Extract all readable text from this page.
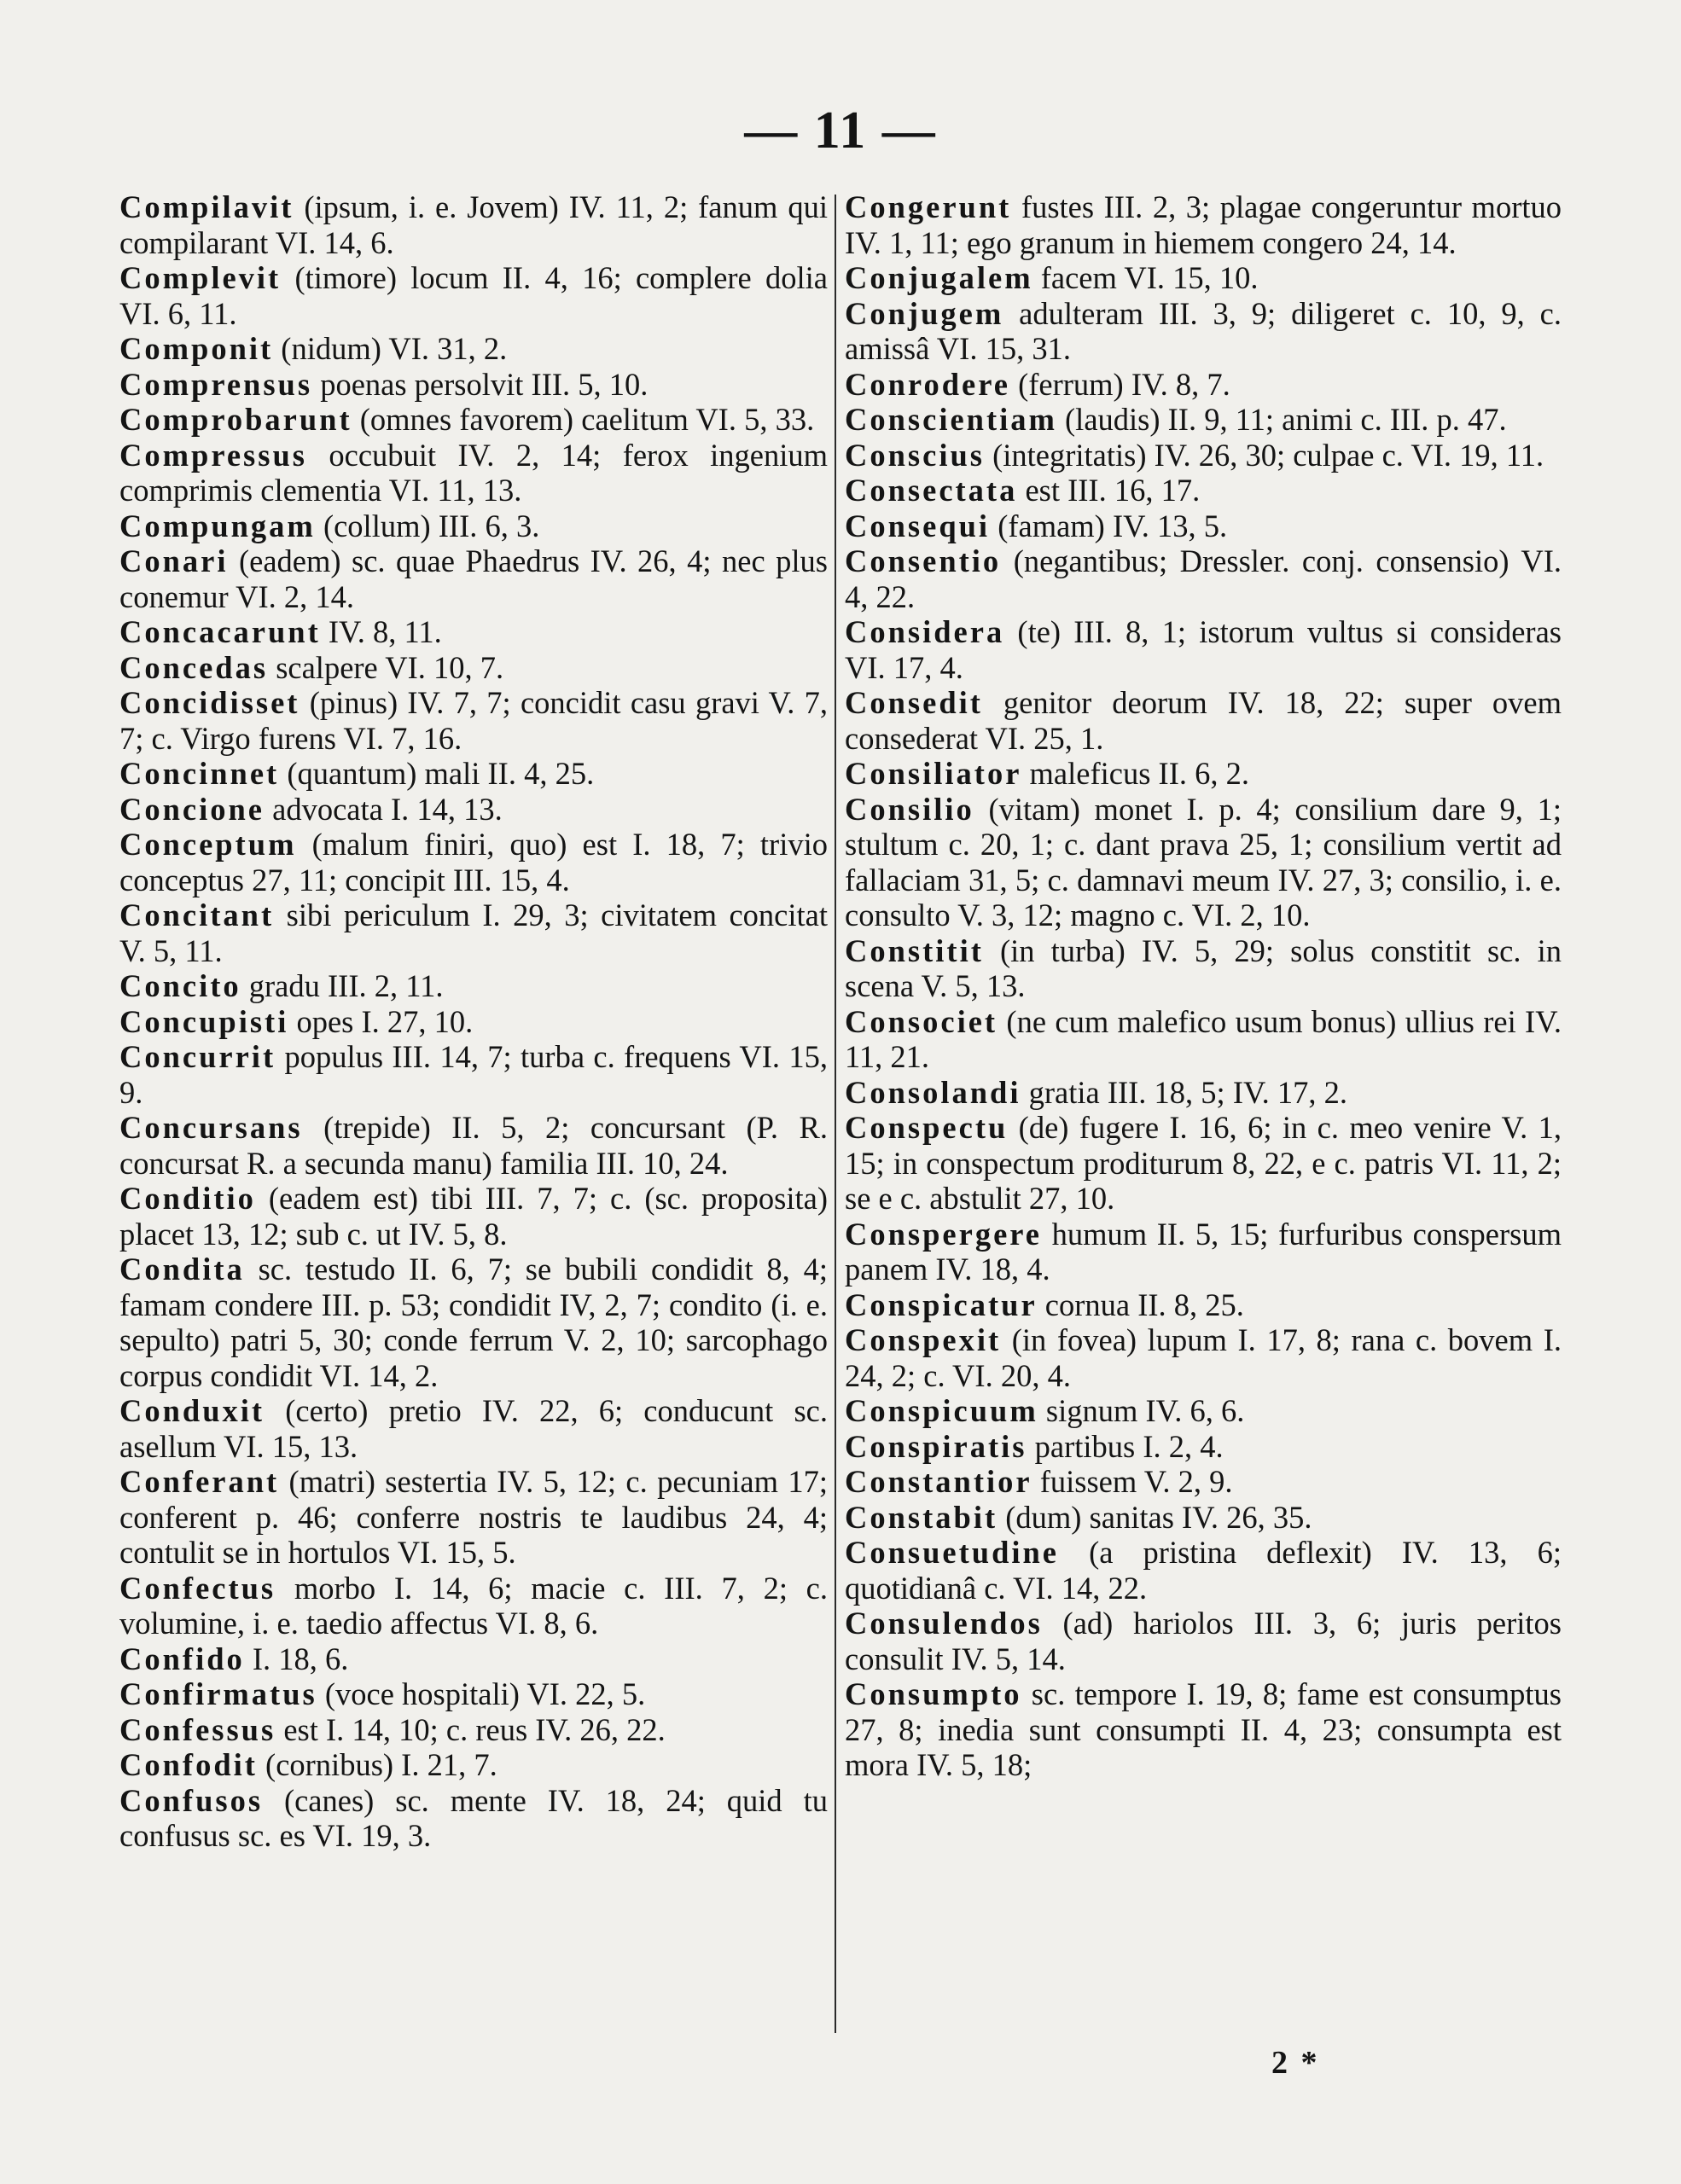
— 11 —

Compilavit (ipsum, i. e. Jovem) IV. 11, 2; fanum qui compilarant VI. 14, 6.

Complevit (timore) locum II. 4, 16; complere dolia VI. 6, 11.

Componit (nidum) VI. 31, 2.

Comprensus poenas persolvit III. 5, 10.

Comprobarunt (omnes favorem) caelitum VI. 5, 33.

Compressus occubuit IV. 2, 14; ferox ingenium comprimis clementia VI. 11, 13.

Compungam (collum) III. 6, 3.

Conari (eadem) sc. quae Phaedrus IV. 26, 4; nec plus conemur VI. 2, 14.

Concacarunt IV. 8, 11.

Concedas scalpere VI. 10, 7.

Concidisset (pinus) IV. 7, 7; concidit casu gravi V. 7, 7; c. Virgo furens VI. 7, 16.

Concinnet (quantum) mali II. 4, 25.

Concione advocata I. 14, 13.

Conceptum (malum finiri, quo) est I. 18, 7; trivio conceptus 27, 11; concipit III. 15, 4.

Concitant sibi periculum I. 29, 3; civitatem concitat V. 5, 11.

Concito gradu III. 2, 11.

Concupisti opes I. 27, 10.

Concurrit populus III. 14, 7; turba c. frequens VI. 15, 9.

Concursans (trepide) II. 5, 2; concursant (P. R. concursat R. a secunda manu) familia III. 10, 24.

Conditio (eadem est) tibi III. 7, 7; c. (sc. proposita) placet 13, 12; sub c. ut IV. 5, 8.

Condita sc. testudo II. 6, 7; se bubili condidit 8, 4; famam condere III. p. 53; condidit IV, 2, 7; condito (i. e. sepulto) patri 5, 30; conde ferrum V. 2, 10; sarcophago corpus condidit VI. 14, 2.

Conduxit (certo) pretio IV. 22, 6; conducunt sc. asellum VI. 15, 13.

Conferant (matri) sestertia IV. 5, 12; c. pecuniam 17; conferent p. 46; conferre nostris te laudibus 24, 4; contulit se in hortulos VI. 15, 5.

Confectus morbo I. 14, 6; macie c. III. 7, 2; c. volumine, i. e. taedio affectus VI. 8, 6.

Confido I. 18, 6.

Confirmatus (voce hospitali) VI. 22, 5.

Confessus est I. 14, 10; c. reus IV. 26, 22.

Confodit (cornibus) I. 21, 7.

Confusos (canes) sc. mente IV. 18, 24; quid tu confusus sc. es VI. 19, 3.

Congerunt fustes III. 2, 3; plagae congeruntur mortuo IV. 1, 11; ego granum in hiemem congero 24, 14.

Conjugalem facem VI. 15, 10.

Conjugem adulteram III. 3, 9; diligeret c. 10, 9, c. amissâ VI. 15, 31.

Conrodere (ferrum) IV. 8, 7.

Conscientiam (laudis) II. 9, 11; animi c. III. p. 47.

Conscius (integritatis) IV. 26, 30; culpae c. VI. 19, 11.

Consectata est III. 16, 17.

Consequi (famam) IV. 13, 5.

Consentio (negantibus; Dressler. conj. consensio) VI. 4, 22.

Considera (te) III. 8, 1; istorum vultus si consideras VI. 17, 4.

Consedit genitor deorum IV. 18, 22; super ovem consederat VI. 25, 1.

Consiliator maleficus II. 6, 2.

Consilio (vitam) monet I. p. 4; consilium dare 9, 1; stultum c. 20, 1; c. dant prava 25, 1; consilium vertit ad fallaciam 31, 5; c. damnavi meum IV. 27, 3; consilio, i. e. consulto V. 3, 12; magno c. VI. 2, 10.

Constitit (in turba) IV. 5, 29; solus constitit sc. in scena V. 5, 13.

Consociet (ne cum malefico usum bonus) ullius rei IV. 11, 21.

Consolandi gratia III. 18, 5; IV. 17, 2.

Conspectu (de) fugere I. 16, 6; in c. meo venire V. 1, 15; in conspectum proditurum 8, 22, e c. patris VI. 11, 2; se e c. abstulit 27, 10.

Conspergere humum II. 5, 15; furfuribus conspersum panem IV. 18, 4.

Conspicatur cornua II. 8, 25.

Conspexit (in fovea) lupum I. 17, 8; rana c. bovem I. 24, 2; c. VI. 20, 4.

Conspicuum signum IV. 6, 6.

Conspiratis partibus I. 2, 4.

Constantior fuissem V. 2, 9.

Constabit (dum) sanitas IV. 26, 35.

Consuetudine (a pristina deflexit) IV. 13, 6; quotidianâ c. VI. 14, 22.

Consulendos (ad) hariolos III. 3, 6; juris peritos consulit IV. 5, 14.

Consumpto sc. tempore I. 19, 8; fame est consumptus 27, 8; inedia sunt consumpti II. 4, 23; consumpta est mora IV. 5, 18;

2 *
